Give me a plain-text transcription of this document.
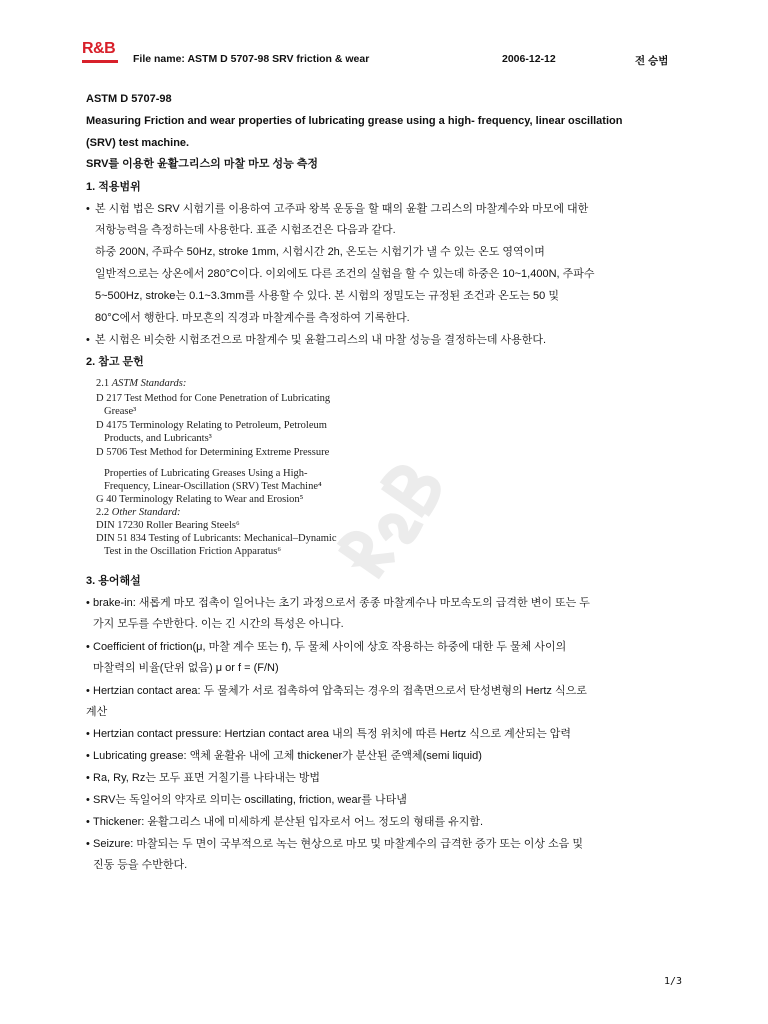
R&B
File name: ASTM D 5707-98 SRV friction & wear	2006-12-12	전 승범
ASTM D 5707-98
Measuring Friction and wear properties of lubricating grease using a high- frequency, linear oscillation
(SRV) test machine.
SRV를 이용한 윤활그리스의 마찰 마모 성능 측정
1. 적용범위
• 본 시험 법은 SRV 시험기를 이용하여 고주파 왕복 운동을 할 때의 윤활 그리스의 마찰계수와 마모에 대한
저항능력을 측정하는데 사용한다. 표준 시험조건은 다음과 같다.
하중 200N, 주파수 50Hz, stroke 1mm, 시험시간 2h, 온도는 시험기가 낼 수 있는 온도 영역이며
일반적으로는 상온에서 280°C이다. 이외에도 다른 조건의 실험을 할 수 있는데 하중은 10~1,400N, 주파수
5~500Hz, stroke는 0.1~3.3mm를 사용할 수 있다. 본 시험의 정밀도는 규정된 조건과 온도는 50 및
80°C에서 행한다. 마모흔의 직경과 마찰계수를 측정하여 기록한다.
• 본 시험은 비슷한 시험조건으로 마찰계수 및 윤활그리스의 내 마찰 성능을 결정하는데 사용한다.
2. 참고 문헌
2.1 ASTM Standards:
D 217 Test Method for Cone Penetration of Lubricating
Grease³
D 4175 Terminology Relating to Petroleum, Petroleum
Products, and Lubricants³
D 5706 Test Method for Determining Extreme Pressure
Properties of Lubricating Greases Using a High-
Frequency, Linear-Oscillation (SRV) Test Machine⁴
G 40 Terminology Relating to Wear and Erosion⁵
2.2 Other Standard:
DIN 17230 Roller Bearing Steels⁶
DIN 51 834 Testing of Lubricants: Mechanical–Dynamic
Test in the Oscillation Friction Apparatus⁶
3. 용어해설
• brake-in: 새롭게 마모 접촉이 일어나는 초기 과정으로서 종종 마찰계수나 마모속도의 급격한 변이 또는 두
가지 모두를 수반한다. 이는 긴 시간의 특성은 아니다.
• Coefficient of friction(μ, 마찰 계수 또는 f), 두 물체 사이에 상호 작용하는 하중에 대한 두 물체 사이의
마찰력의 비율(단위 없음) μ or f = (F/N)
• Hertzian contact area: 두 물체가 서로 접촉하여 압축되는 경우의 접촉면으로서 탄성변형의 Hertz 식으로
계산
• Hertzian contact pressure: Hertzian contact area 내의 특정 위치에 따른 Hertz 식으로 계산되는 압력
• Lubricating grease: 액체 윤활유 내에 고체 thickener가 분산된 준액체(semi liquid)
• Ra, Ry, Rz는 모두 표면 거칠기를 나타내는 방법
• SRV는 독일어의 약자로 의미는 oscillating, friction, wear를 나타냄
• Thickener: 윤활그리스 내에 미세하게 분산된 입자로서 어느 정도의 형태를 유지함.
• Seizure: 마찰되는 두 면이 국부적으로 녹는 현상으로 마모 및 마찰계수의 급격한 증가 또는 이상 소음 및
진동 등을 수반한다.
1/3
